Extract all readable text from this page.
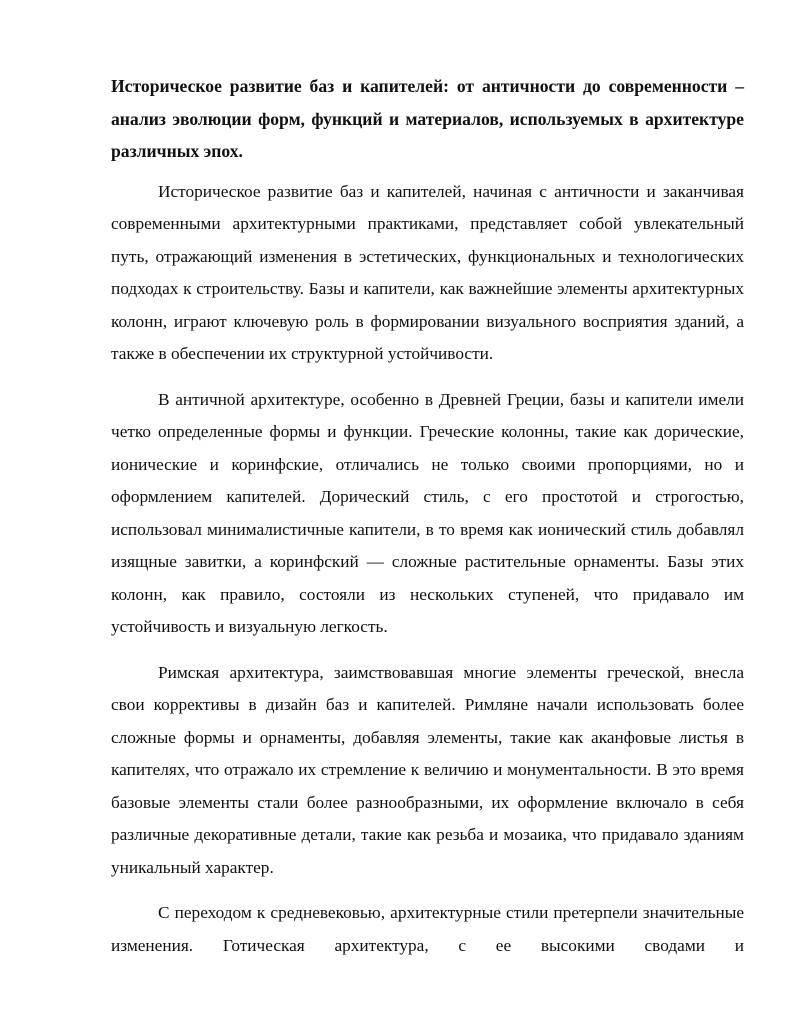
Историческое развитие баз и капителей: от античности до современности – анализ эволюции форм, функций и материалов, используемых в архитектуре различных эпох.

Историческое развитие баз и капителей, начиная с античности и заканчивая современными архитектурными практиками, представляет собой увлекательный путь, отражающий изменения в эстетических, функциональных и технологических подходах к строительству. Базы и капители, как важнейшие элементы архитектурных колонн, играют ключевую роль в формировании визуального восприятия зданий, а также в обеспечении их структурной устойчивости.

В античной архитектуре, особенно в Древней Греции, базы и капители имели четко определенные формы и функции. Греческие колонны, такие как дорические, ионические и коринфские, отличались не только своими пропорциями, но и оформлением капителей. Дорический стиль, с его простотой и строгостью, использовал минималистичные капители, в то время как ионический стиль добавлял изящные завитки, а коринфский — сложные растительные орнаменты. Базы этих колонн, как правило, состояли из нескольких ступеней, что придавало им устойчивость и визуальную легкость.

Римская архитектура, заимствовавшая многие элементы греческой, внесла свои коррективы в дизайн баз и капителей. Римляне начали использовать более сложные формы и орнаменты, добавляя элементы, такие как аканфовые листья в капителях, что отражало их стремление к величию и монументальности. В это время базовые элементы стали более разнообразными, их оформление включало в себя различные декоративные детали, такие как резьба и мозаика, что придавало зданиям уникальный характер.

С переходом к средневековью, архитектурные стили претерпели значительные изменения. Готическая архитектура, с ее высокими сводами и
